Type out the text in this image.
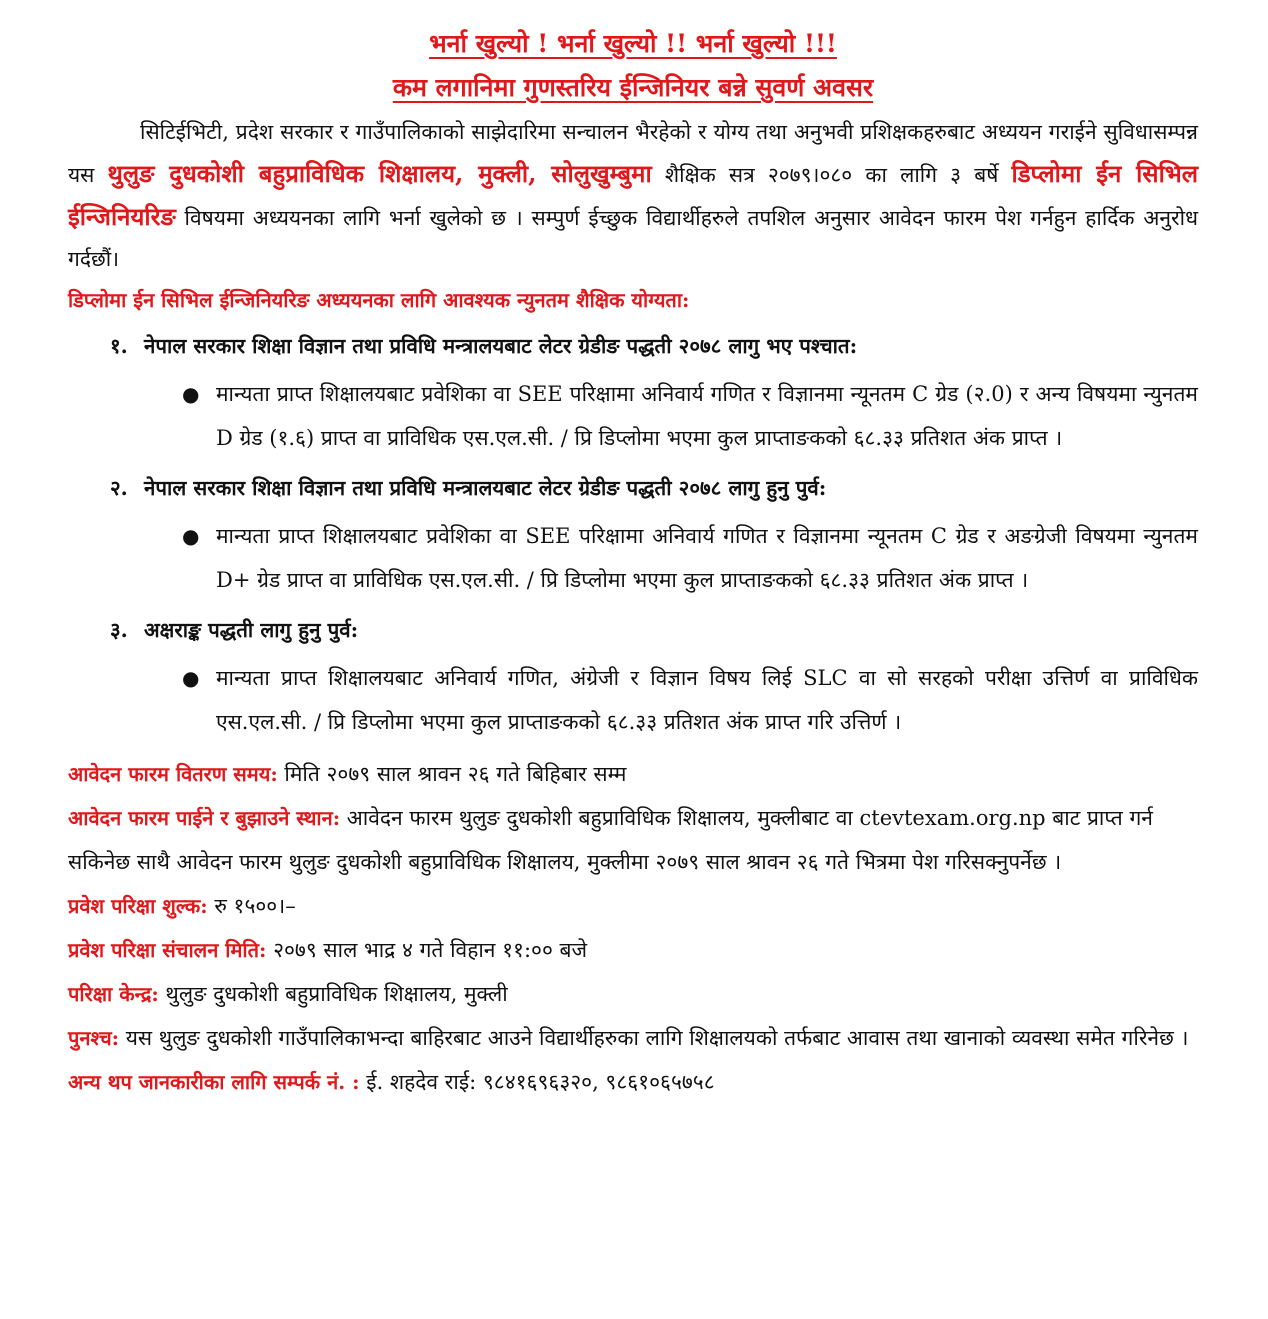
भर्ना खुल्यो ! भर्ना खुल्यो !! भर्ना खुल्यो !!!

कम लगानिमा गुणस्तरिय ईन्जिनियर बन्ने सुवर्ण अवसर

सिटिईभिटी, प्रदेश सरकार र गाउँपालिकाको साझेदारिमा सन्चालन भैरहेको र योग्य तथा अनुभवी प्रशिक्षकहरुबाट अध्ययन गराईने सुविधासम्पन्न यस थुलुङ दुधकोशी बहुप्राविधिक शिक्षालय, मुक्ली, सोलुखुम्बुमा शैक्षिक सत्र २०७९।०८० का लागि ३ बर्षे डिप्लोमा ईन सिभिल ईन्जिनियरिङ विषयमा अध्ययनका लागि भर्ना खुलेको छ । सम्पुर्ण ईच्छुक विद्यार्थीहरुले तपशिल अनुसार आवेदन फारम पेश गर्नहुन हार्दिक अनुरोध गर्दछौं।

डिप्लोमा ईन सिभिल ईन्जिनियरिङ अध्ययनका लागि आवश्यक न्युनतम शैक्षिक योग्यता:

१. नेपाल सरकार शिक्षा विज्ञान तथा प्रविधि मन्त्रालयबाट लेटर ग्रेडीङ पद्धती २०७८ लागु भए पश्चात:
● मान्यता प्राप्त शिक्षालयबाट प्रवेशिका वा SEE परिक्षामा अनिवार्य गणित र विज्ञानमा न्यूनतम C ग्रेड (२.0) र अन्य विषयमा न्युनतम D ग्रेड (१.६) प्राप्त वा प्राविधिक एस.एल.सी. / प्रि डिप्लोमा भएमा कुल प्राप्ताङकको ६८.३३ प्रतिशत अंक प्राप्त ।
२. नेपाल सरकार शिक्षा विज्ञान तथा प्रविधि मन्त्रालयबाट लेटर ग्रेडीङ पद्धती २०७८ लागु हुनु पुर्व:
● मान्यता प्राप्त शिक्षालयबाट प्रवेशिका वा SEE परिक्षामा अनिवार्य गणित र विज्ञानमा न्यूनतम C ग्रेड र अङग्रेजी विषयमा न्युनतम D+ ग्रेड प्राप्त वा प्राविधिक एस.एल.सी. / प्रि डिप्लोमा भएमा कुल प्राप्ताङकको ६८.३३ प्रतिशत अंक प्राप्त ।
३. अक्षराङ्क पद्धती लागु हुनु पुर्व:
● मान्यता प्राप्त शिक्षालयबाट अनिवार्य गणित, अंग्रेजी र विज्ञान विषय लिई SLC वा सो सरहको परीक्षा उत्तिर्ण वा प्राविधिक एस.एल.सी. / प्रि डिप्लोमा भएमा कुल प्राप्ताङकको ६८.३३ प्रतिशत अंक प्राप्त गरि उत्तिर्ण ।

आवेदन फारम वितरण समय: मिति २०७९ साल श्रावन २६ गते बिहिबार सम्म

आवेदन फारम पाईने र बुझाउने स्थान: आवेदन फारम थुलुङ दुधकोशी बहुप्राविधिक शिक्षालय, मुक्लीबाट वा ctevtexam.org.np बाट प्राप्त गर्न सकिनेछ साथै आवेदन फारम थुलुङ दुधकोशी बहुप्राविधिक शिक्षालय, मुक्लीमा २०७९ साल श्रावन २६ गते भित्रमा पेश गरिसक्नुपर्नेछ ।

प्रवेश परिक्षा शुल्क: रु १५००।–

प्रवेश परिक्षा संचालन मिति: २०७९ साल भाद्र ४ गते विहान ११:०० बजे

परिक्षा केन्द्र: थुलुङ दुधकोशी बहुप्राविधिक शिक्षालय, मुक्ली

पुनश्च: यस थुलुङ दुधकोशी गाउँपालिकाभन्दा बाहिरबाट आउने विद्यार्थीहरुका लागि शिक्षालयको तर्फबाट आवास तथा खानाको व्यवस्था समेत गरिनेछ ।

अन्य थप जानकारीका लागि सम्पर्क नं. : ई. शहदेव राई: ९८४१६९६३२०, ९८६१०६५७५८
